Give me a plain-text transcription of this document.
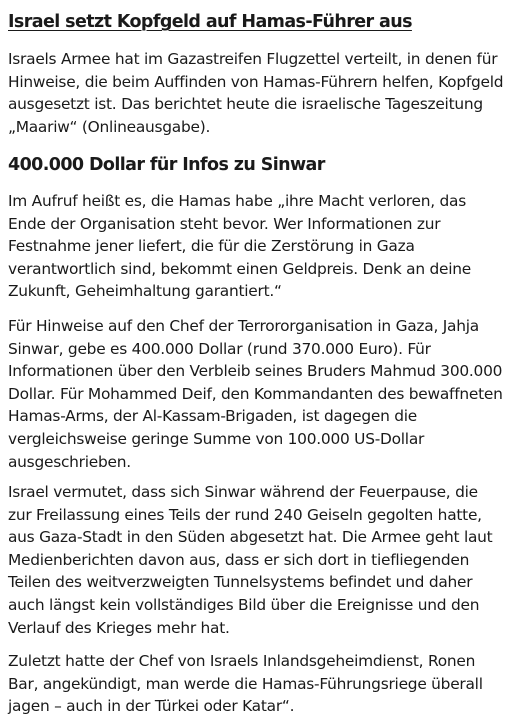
Israel setzt Kopfgeld auf Hamas-Führer aus

Israels Armee hat im Gazastreifen Flugzettel verteilt, in denen für Hinweise, die beim Auffinden von Hamas-Führern helfen, Kopfgeld ausgesetzt ist. Das berichtet heute die israelische Tageszeitung „Maariw“ (Onlineausgabe).

400.000 Dollar für Infos zu Sinwar

Im Aufruf heißt es, die Hamas habe „ihre Macht verloren, das Ende der Organisation steht bevor. Wer Informationen zur Festnahme jener liefert, die für die Zerstörung in Gaza verantwortlich sind, bekommt einen Geldpreis. Denk an deine Zukunft, Geheimhaltung garantiert.“

Für Hinweise auf den Chef der Terrororganisation in Gaza, Jahja Sinwar, gebe es 400.000 Dollar (rund 370.000 Euro). Für Informationen über den Verbleib seines Bruders Mahmud 300.000 Dollar. Für Mohammed Deif, den Kommandanten des bewaffneten Hamas-Arms, der Al-Kassam-Brigaden, ist dagegen die vergleichsweise geringe Summe von 100.000 US-Dollar ausgeschrieben.

Israel vermutet, dass sich Sinwar während der Feuerpause, die zur Freilassung eines Teils der rund 240 Geiseln gegolten hatte, aus Gaza-Stadt in den Süden abgesetzt hat. Die Armee geht laut Medienberichten davon aus, dass er sich dort in tiefliegenden Teilen des weitverzweigten Tunnelsystems befindet und daher auch längst kein vollständiges Bild über die Ereignisse und den Verlauf des Krieges mehr hat.

Zuletzt hatte der Chef von Israels Inlandsgeheimdienst, Ronen Bar, angekündigt, man werde die Hamas-Führungsriege überall jagen – auch in der Türkei oder Katar“.
